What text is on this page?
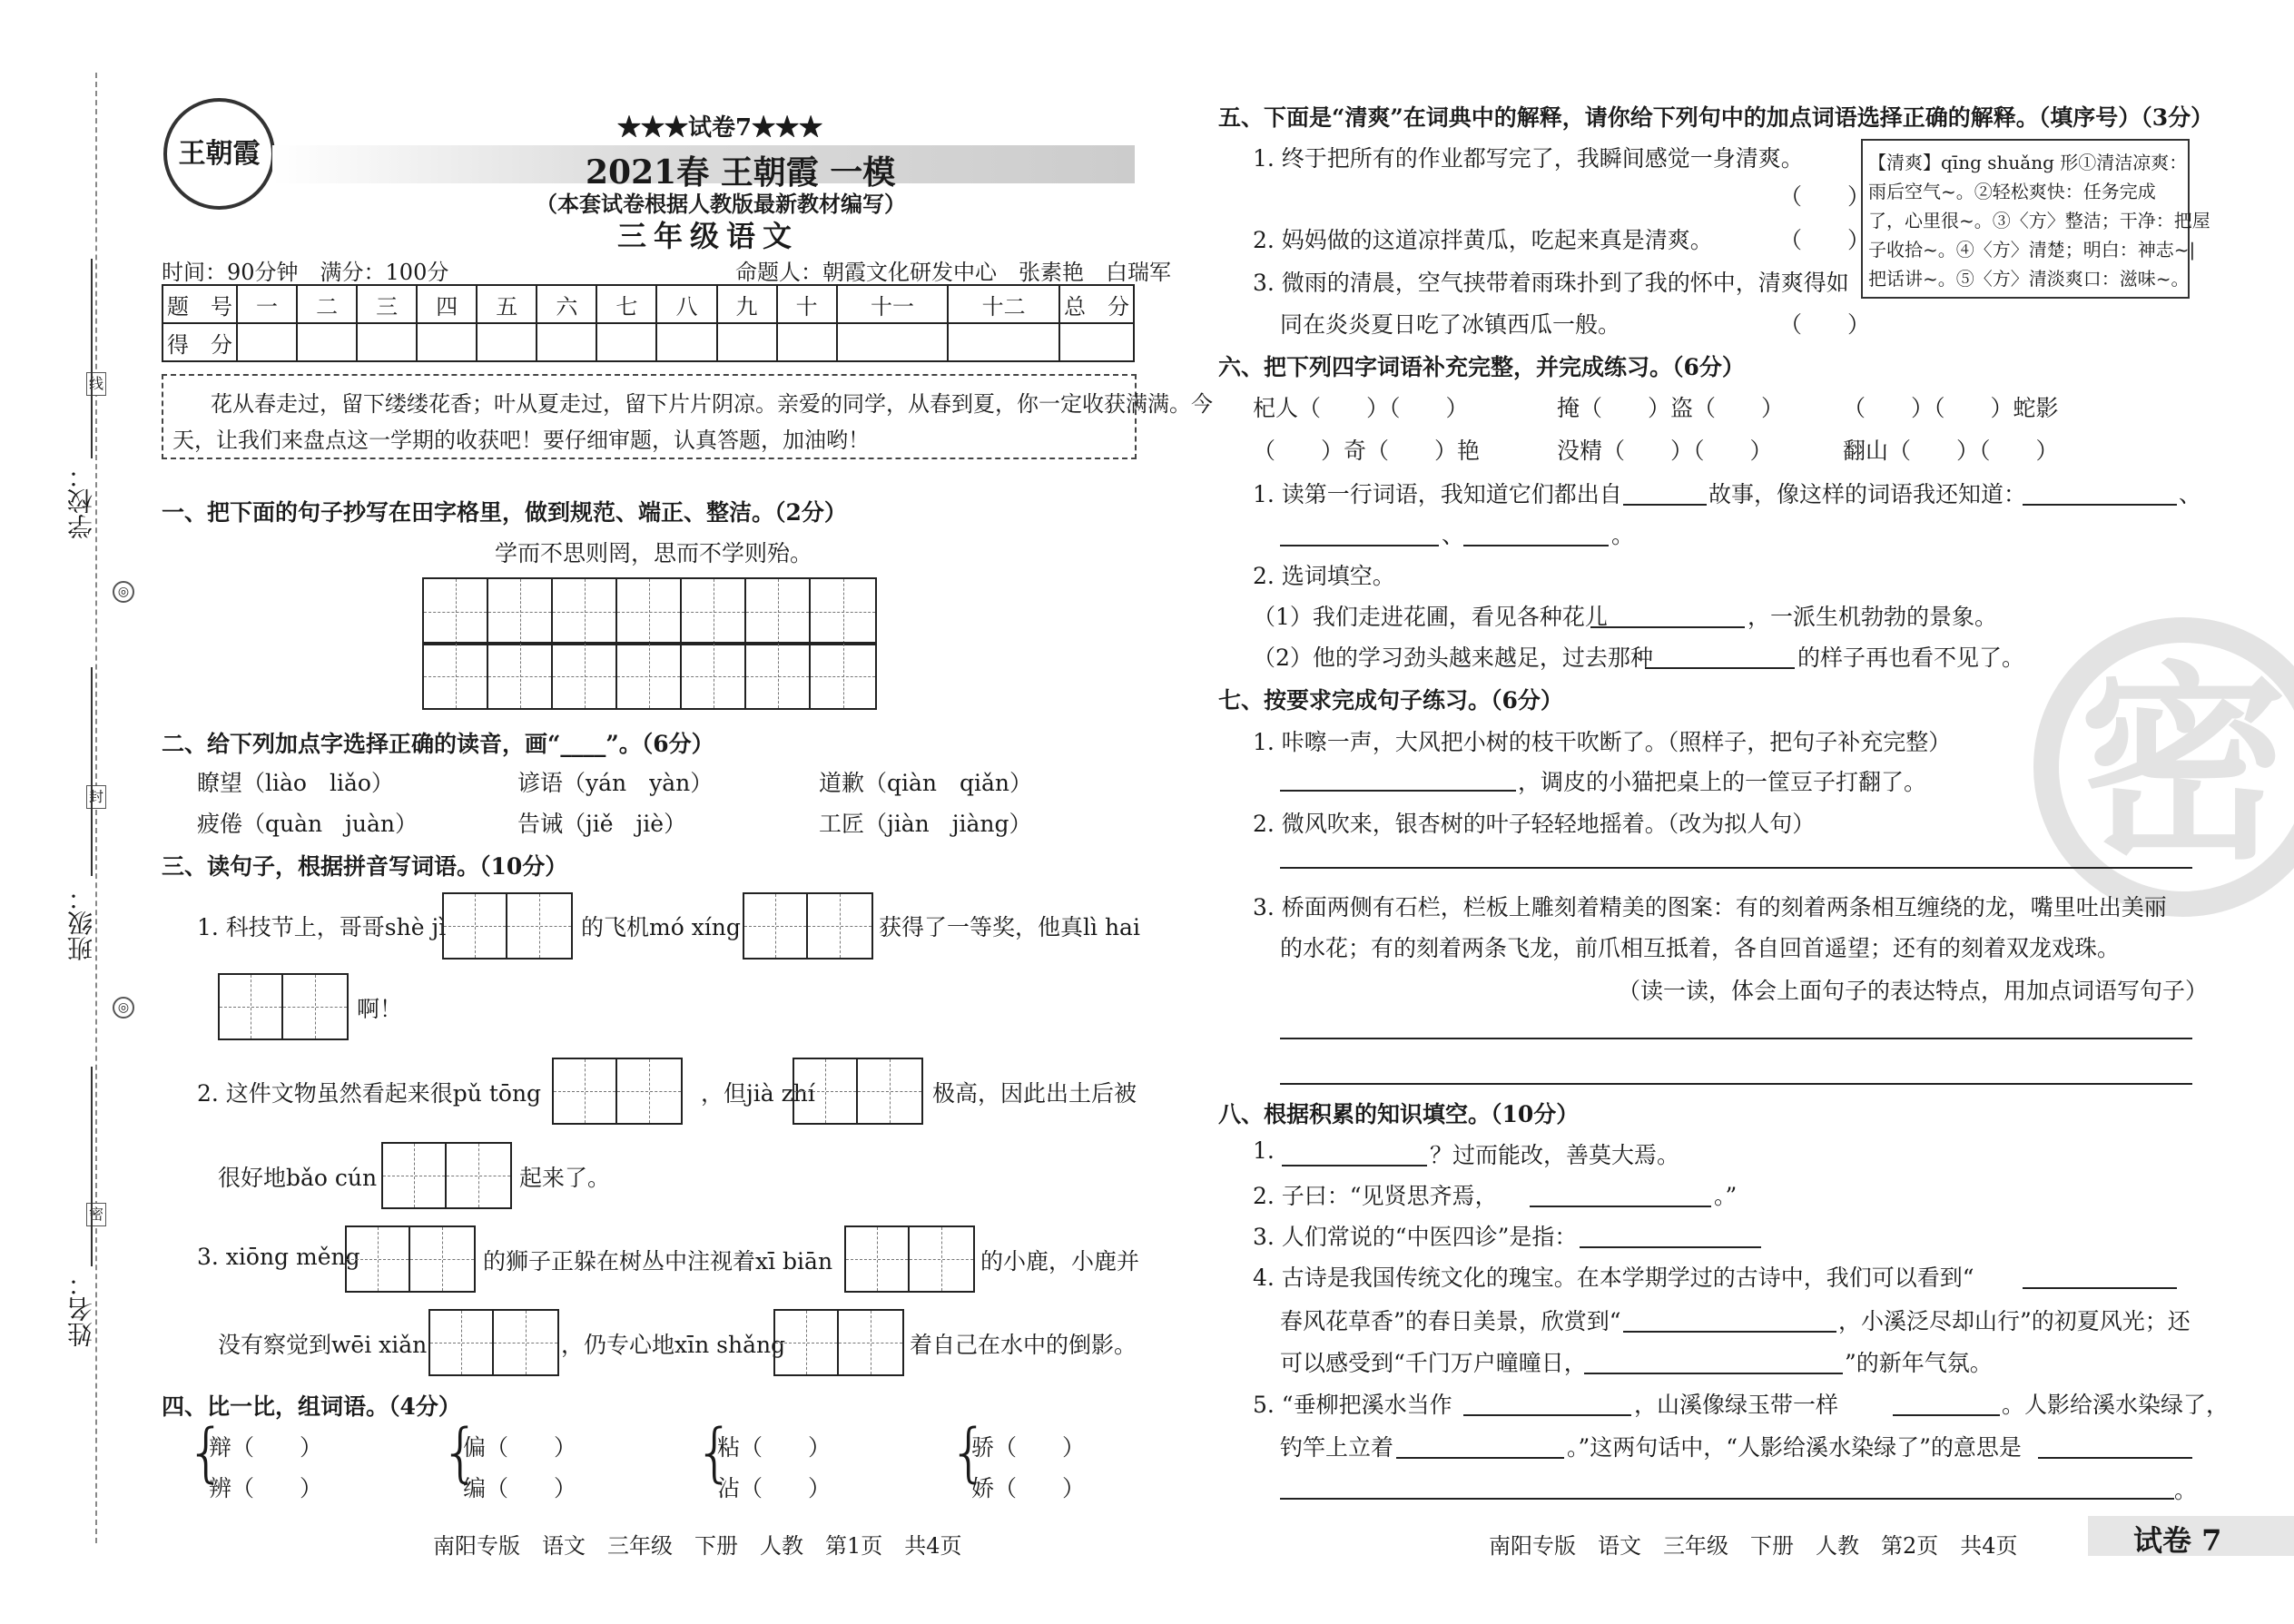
线
封
密
◎
◎
学校：
班级：
姓名：
王朝霞
★★★试卷7★★★
2021春 王朝霞 一模
（本套试卷根据人教版最新教材编写）
三年级语文
时间：90分钟　满分：100分	命题人：朝霞文化研发中心　张素艳　白瑞军
题　号	一	二	三	四	五	六	七	八	九	十	十一	十二	总　分
得　分													
花从春走过，留下缕缕花香；叶从夏走过，留下片片阴凉。亲爱的同学，从春到夏，你一定收获满满。今
天，让我们来盘点这一学期的收获吧！要仔细审题，认真答题，加油哟！
一、把下面的句子抄写在田字格里，做到规范、端正、整洁。（2分）
学而不思则罔，思而不学则殆。
二、给下列加点字选择正确的读音，画“____”。（6分）
瞭望（liào　liǎo）	谚语（yán　yàn）	道歉（qiàn　qiǎn）
疲倦（quàn　juàn）	告诫（jiě　jiè）	工匠（jiàn　jiàng）
三、读句子，根据拼音写词语。（10分）
1. 科技节上，哥哥shè jì	的飞机mó xíng	获得了一等奖，他真lì hai
啊！
2. 这件文物虽然看起来很pǔ tōng	，但jià zhí	极高，因此出土后被
很好地bǎo cún	起来了。
3. xiōng měng	的狮子正躲在树丛中注视着xī biān	的小鹿，小鹿并
没有察觉到wēi xiǎn	，仍专心地xīn shǎng	着自己在水中的倒影。
四、比一比，组词语。（4分）
{
辩（　　）
辨（　　） {
偏（　　）
编（　　） {
粘（　　）
沾（　　） {
骄（　　）
娇（　　）
南阳专版　语文　三年级　下册　人教　第1页　共4页
密
五、下面是“清爽”在词典中的解释，请你给下列句中的加点词语选择正确的解释。（填序号）（3分）
1. 终于把所有的作业都写完了，我瞬间感觉一身清爽。
（　　）
2. 妈妈做的这道凉拌黄瓜，吃起来真是清爽。	（　　）
3. 微雨的清晨，空气挟带着雨珠扑到了我的怀中，清爽得如
同在炎炎夏日吃了冰镇西瓜一般。	（　　）
【清爽】qīng shuǎng 形①清洁凉爽：
雨后空气~。②轻松爽快：任务完成
了，心里很~。③〈方〉整洁；干净：把屋
子收拾~。④〈方〉清楚；明白：神志~|
把话讲~。⑤〈方〉清淡爽口：滋味~。
六、把下列四字词语补充完整，并完成练习。（6分）
杞人（　　）（　　）	掩（　　）盗（　　）	（　　）（　　）蛇影
（　　）奇（　　）艳	没精（　　）（　　）	翻山（　　）（　　）
1. 读第一行词语，我知道它们都出自	故事，像这样的词语我还知道：	、
、	。
2. 选词填空。
（1）我们走进花圃，看见各种花儿	，一派生机勃勃的景象。
（2）他的学习劲头越来越足，过去那种	的样子再也看不见了。
七、按要求完成句子练习。（6分）
1. 咔嚓一声，大风把小树的枝干吹断了。（照样子，把句子补充完整）
，调皮的小猫把桌上的一筐豆子打翻了。
2. 微风吹来，银杏树的叶子轻轻地摇着。（改为拟人句）
3. 桥面两侧有石栏，栏板上雕刻着精美的图案：有的刻着两条相互缠绕的龙，嘴里吐出美丽
的水花；有的刻着两条飞龙，前爪相互抵着，各自回首遥望；还有的刻着双龙戏珠。
（读一读，体会上面句子的表达特点，用加点词语写句子）
八、根据积累的知识填空。（10分）
1.	？过而能改，善莫大焉。
2. 子曰：“见贤思齐焉，	。”
3. 人们常说的“中医四诊”是指：
4. 古诗是我国传统文化的瑰宝。在本学期学过的古诗中，我们可以看到“
春风花草香”的春日美景，欣赏到“	，小溪泛尽却山行”的初夏风光；还
可以感受到“千门万户曈曈日，	”的新年气氛。
5. “垂柳把溪水当作	，山溪像绿玉带一样	。人影给溪水染绿了，
钓竿上立着	。”这两句话中，“人影给溪水染绿了”的意思是
。
南阳专版　语文　三年级　下册　人教　第2页　共4页	试卷 7
